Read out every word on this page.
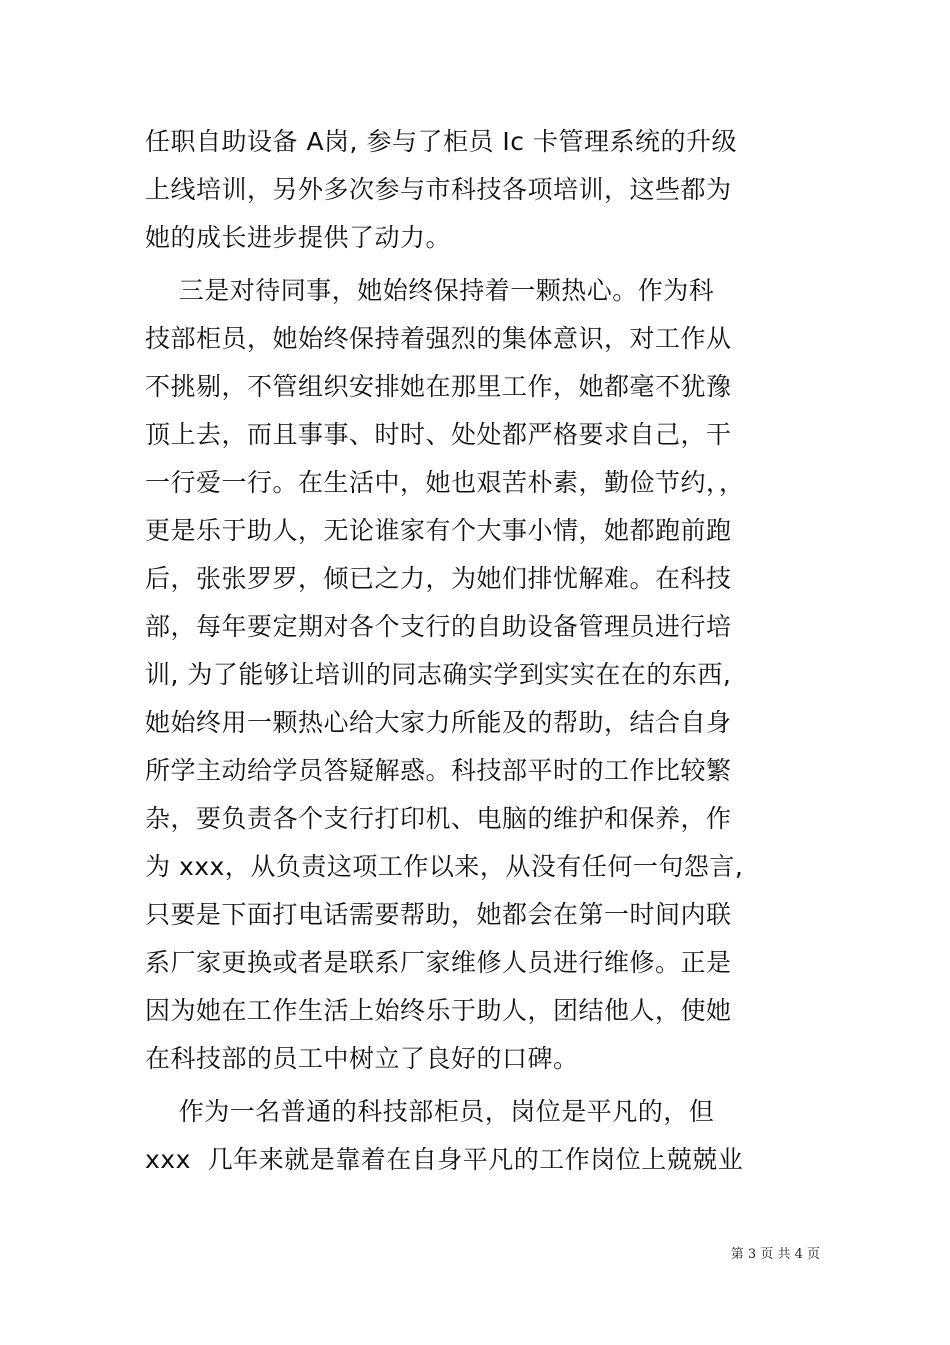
任职自助设备 A岗, 参与了柜员 Ic 卡管理系统的升级
上线培训，另外多次参与市科技各项培训，这些都为
她的成长进步提供了动力。
三是对待同事，她始终保持着一颗热心。作为科
技部柜员，她始终保持着强烈的集体意识，对工作从
不挑剔，不管组织安排她在那里工作，她都毫不犹豫
顶上去，而且事事、时时、处处都严格要求自己，干
一行爱一行。在生活中，她也艰苦朴素，勤俭节约，，
更是乐于助人，无论谁家有个大事小情，她都跑前跑
后，张张罗罗，倾已之力，为她们排忧解难。在科技
部，每年要定期对各个支行的自助设备管理员进行培
训, 为了能够让培训的同志确实学到实实在在的东西,
她始终用一颗热心给大家力所能及的帮助，结合自身
所学主动给学员答疑解惑。科技部平时的工作比较繁
杂，要负责各个支行打印机、电脑的维护和保养，作
为 xxx，从负责这项工作以来，从没有任何一句怨言,
只要是下面打电话需要帮助，她都会在第一时间内联
系厂家更换或者是联系厂家维修人员进行维修。正是
因为她在工作生活上始终乐于助人，团结他人，使她
在科技部的员工中树立了良好的口碑。
作为一名普通的科技部柜员，岗位是平凡的，但
xxx  几年来就是靠着在自身平凡的工作岗位上兢兢业
第 3 页 共 4 页
